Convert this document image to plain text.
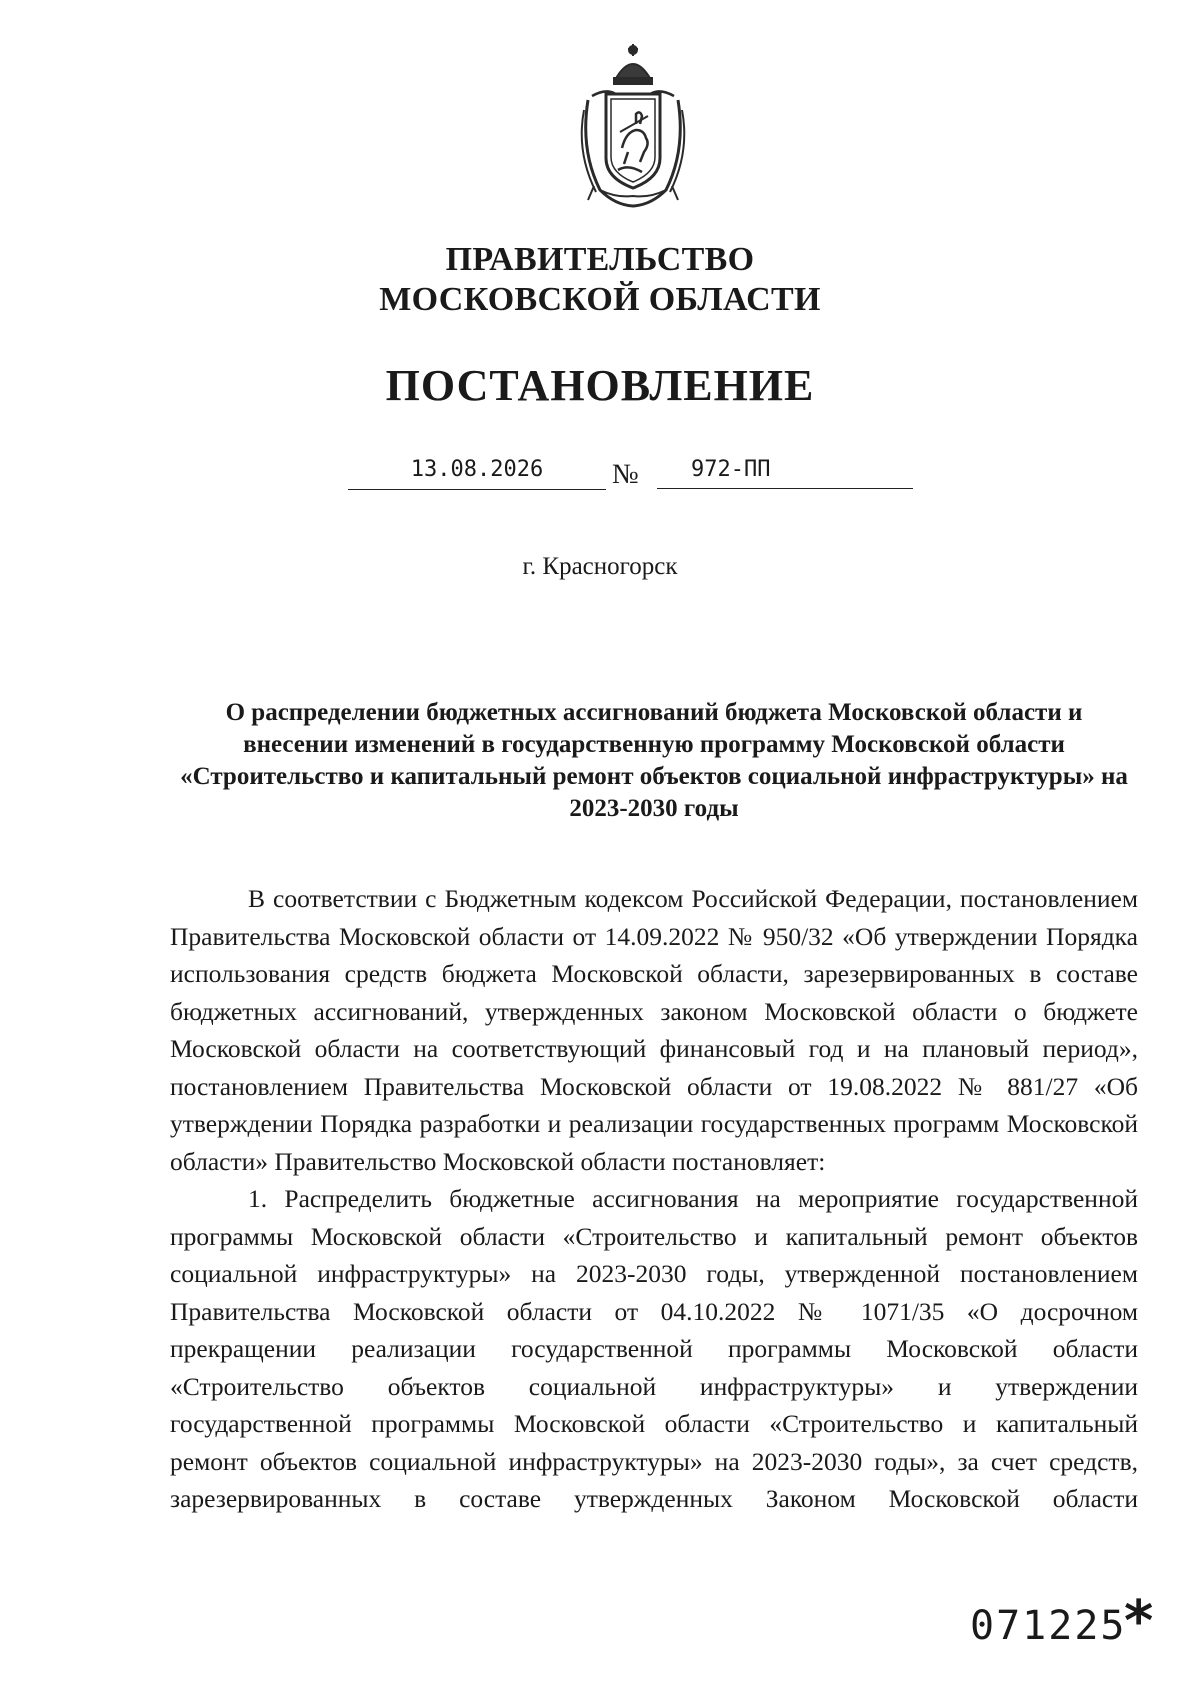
ПРАВИТЕЛЬСТВО
МОСКОВСКОЙ ОБЛАСТИ
ПОСТАНОВЛЕНИЕ
13.08.2026	№	972-ПП
г. Красногорск
О распределении бюджетных ассигнований бюджета Московской области и внесении изменений в государственную программу Московской области «Строительство и капитальный ремонт объектов социальной инфраструктуры» на 2023-2030 годы

В соответствии с Бюджетным кодексом Российской Федерации, постановлением Правительства Московской области от 14.09.2022 № 950/32 «Об утверждении Порядка использования средств бюджета Московской области, зарезервированных в составе бюджетных ассигнований, утвержденных законом Московской области о бюджете Московской области на соответствующий финансовый год и на плановый период», постановлением Правительства Московской области от 19.08.2022 № 881/27 «Об утверждении Порядка разработки и реализации государственных программ Московской области» Правительство Московской области постановляет:

1. Распределить бюджетные ассигнования на мероприятие государственной программы Московской области «Строительство и капитальный ремонт объектов социальной инфраструктуры» на 2023-2030 годы, утвержденной постановлением Правительства Московской области от 04.10.2022 № 1071/35 «О досрочном прекращении реализации государственной программы Московской области «Строительство объектов социальной инфраструктуры» и утверждении государственной программы Московской области «Строительство и капитальный ремонт объектов социальной инфраструктуры» на 2023-2030 годы», за счет средств, зарезервированных в составе утвержденных Законом Московской области

071225
*
